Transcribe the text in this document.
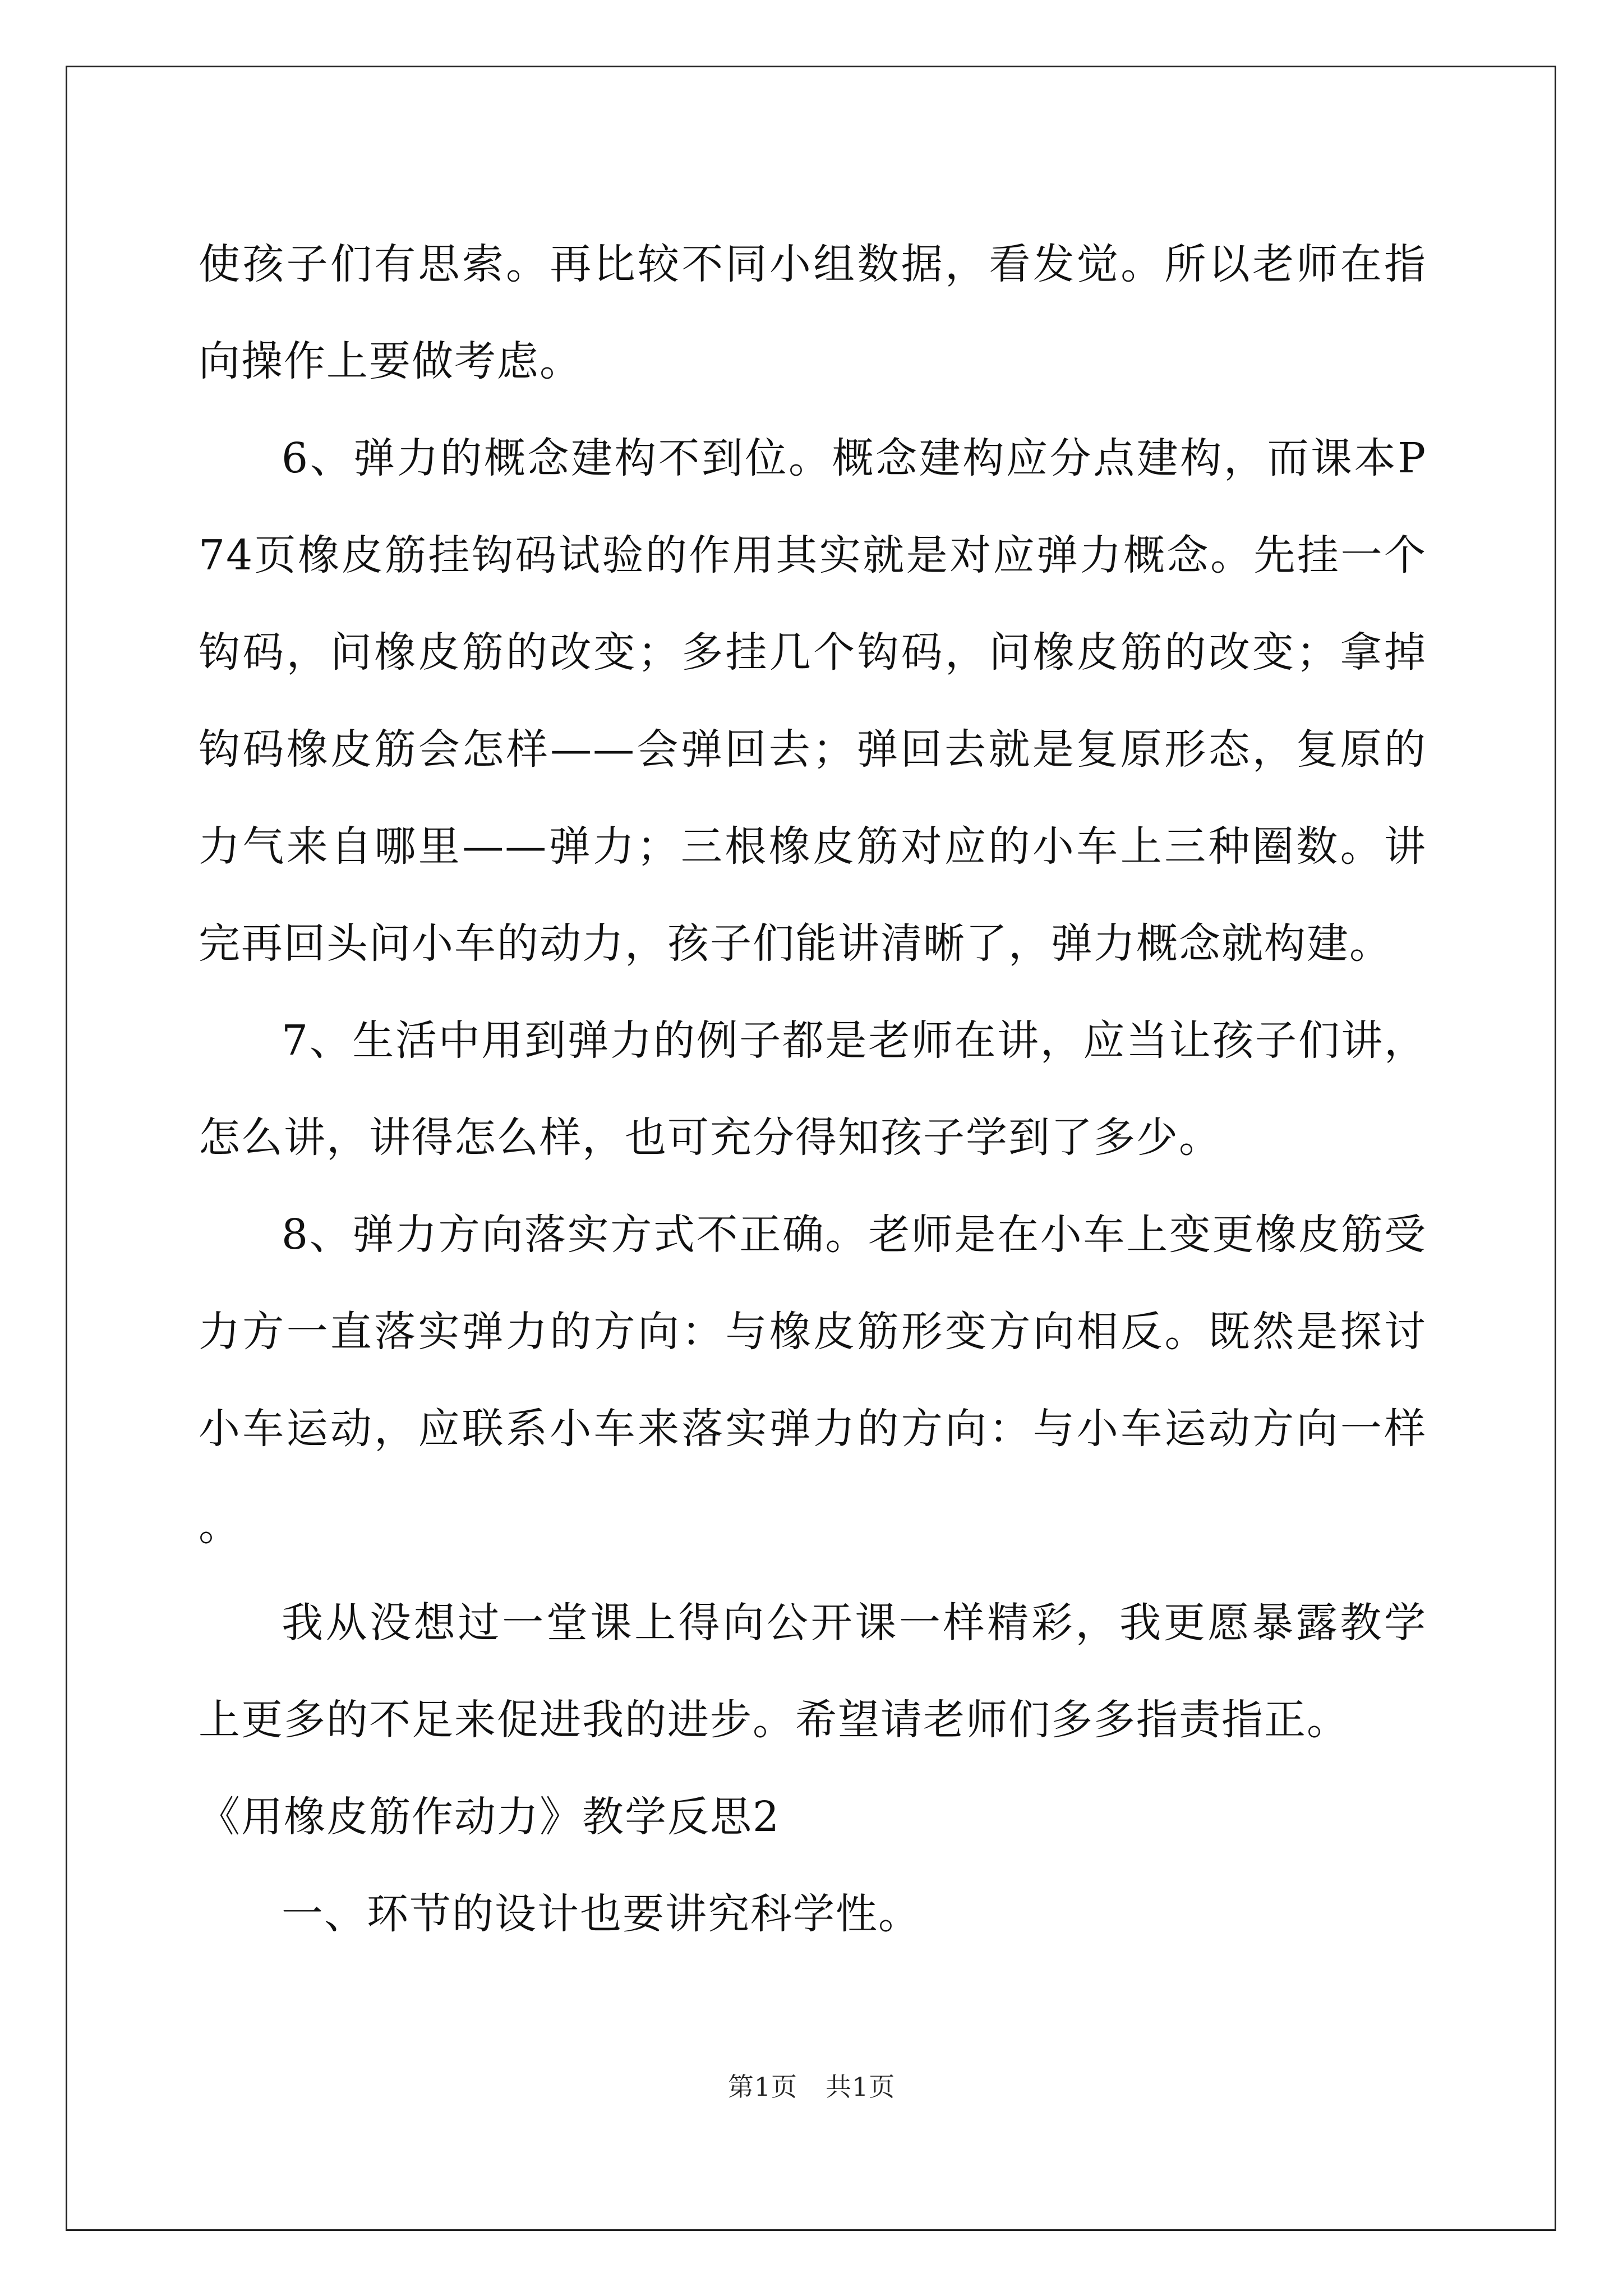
使孩子们有思索。再比较不同小组数据，看发觉。所以老师在指向操作上要做考虑。

6、弹力的概念建构不到位。概念建构应分点建构，而课本P74页橡皮筋挂钩码试验的作用其实就是对应弹力概念。先挂一个钩码，问橡皮筋的改变；多挂几个钩码，问橡皮筋的改变；拿掉钩码橡皮筋会怎样——会弹回去；弹回去就是复原形态，复原的力气来自哪里——弹力；三根橡皮筋对应的小车上三种圈数。讲完再回头问小车的动力，孩子们能讲清晰了，弹力概念就构建。

7、生活中用到弹力的例子都是老师在讲，应当让孩子们讲，怎么讲，讲得怎么样，也可充分得知孩子学到了多少。

8、弹力方向落实方式不正确。老师是在小车上变更橡皮筋受力方一直落实弹力的方向：与橡皮筋形变方向相反。既然是探讨小车运动，应联系小车来落实弹力的方向：与小车运动方向一样。

我从没想过一堂课上得向公开课一样精彩，我更愿暴露教学上更多的不足来促进我的进步。希望请老师们多多指责指正。

《用橡皮筋作动力》教学反思2

一、环节的设计也要讲究科学性。

第1页 共1页
